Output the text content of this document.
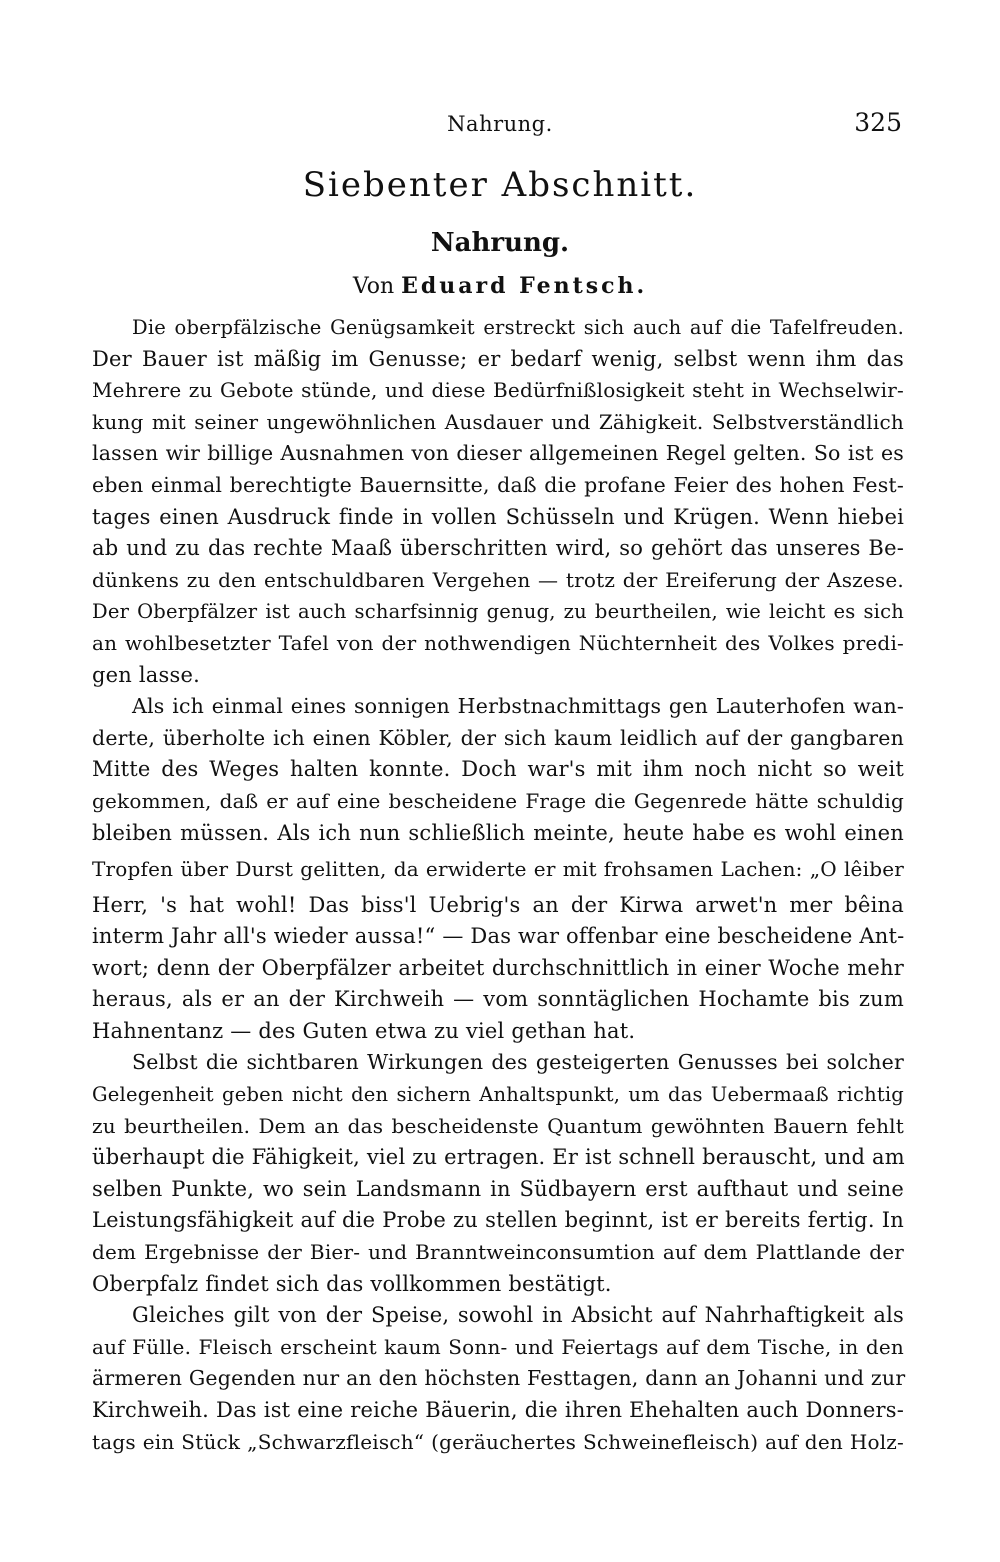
Nahrung.	325
Siebenter Abschnitt.
Nahrung.
Von Eduard Fentsch.
Die oberpfälzische Genügsamkeit erstreckt sich auch auf die Tafelfreuden.
Der Bauer ist mäßig im Genusse; er bedarf wenig, selbst wenn ihm das
Mehrere zu Gebote stünde, und diese Bedürfnißlosigkeit steht in Wechselwir-
kung mit seiner ungewöhnlichen Ausdauer und Zähigkeit. Selbstverständlich
lassen wir billige Ausnahmen von dieser allgemeinen Regel gelten. So ist es
eben einmal berechtigte Bauernsitte, daß die profane Feier des hohen Fest-
tages einen Ausdruck finde in vollen Schüsseln und Krügen. Wenn hiebei
ab und zu das rechte Maaß überschritten wird, so gehört das unseres Be-
dünkens zu den entschuldbaren Vergehen — trotz der Ereiferung der Aszese.
Der Oberpfälzer ist auch scharfsinnig genug, zu beurtheilen, wie leicht es sich
an wohlbesetzter Tafel von der nothwendigen Nüchternheit des Volkes predi-
gen lasse.
Als ich einmal eines sonnigen Herbstnachmittags gen Lauterhofen wan-
derte, überholte ich einen Köbler, der sich kaum leidlich auf der gangbaren
Mitte des Weges halten konnte. Doch war's mit ihm noch nicht so weit
gekommen, daß er auf eine bescheidene Frage die Gegenrede hätte schuldig
bleiben müssen. Als ich nun schließlich meinte, heute habe es wohl einen
Tropfen über Durst gelitten, da erwiderte er mit frohsamen Lachen: „O lêiber
Herr, 's hat wohl! Das biss'l Uebrig's an der Kirwa arwet'n mer bêina
interm Jahr all's wieder aussa!“ — Das war offenbar eine bescheidene Ant-
wort; denn der Oberpfälzer arbeitet durchschnittlich in einer Woche mehr
heraus, als er an der Kirchweih — vom sonntäglichen Hochamte bis zum
Hahnentanz — des Guten etwa zu viel gethan hat.
Selbst die sichtbaren Wirkungen des gesteigerten Genusses bei solcher
Gelegenheit geben nicht den sichern Anhaltspunkt, um das Uebermaaß richtig
zu beurtheilen. Dem an das bescheidenste Quantum gewöhnten Bauern fehlt
überhaupt die Fähigkeit, viel zu ertragen. Er ist schnell berauscht, und am
selben Punkte, wo sein Landsmann in Südbayern erst aufthaut und seine
Leistungsfähigkeit auf die Probe zu stellen beginnt, ist er bereits fertig. In
dem Ergebnisse der Bier- und Branntweinconsumtion auf dem Plattlande der
Oberpfalz findet sich das vollkommen bestätigt.
Gleiches gilt von der Speise, sowohl in Absicht auf Nahrhaftigkeit als
auf Fülle. Fleisch erscheint kaum Sonn- und Feiertags auf dem Tische, in den
ärmeren Gegenden nur an den höchsten Festtagen, dann an Johanni und zur
Kirchweih. Das ist eine reiche Bäuerin, die ihren Ehehalten auch Donners-
tags ein Stück „Schwarzfleisch“ (geräuchertes Schweinefleisch) auf den Holz-
